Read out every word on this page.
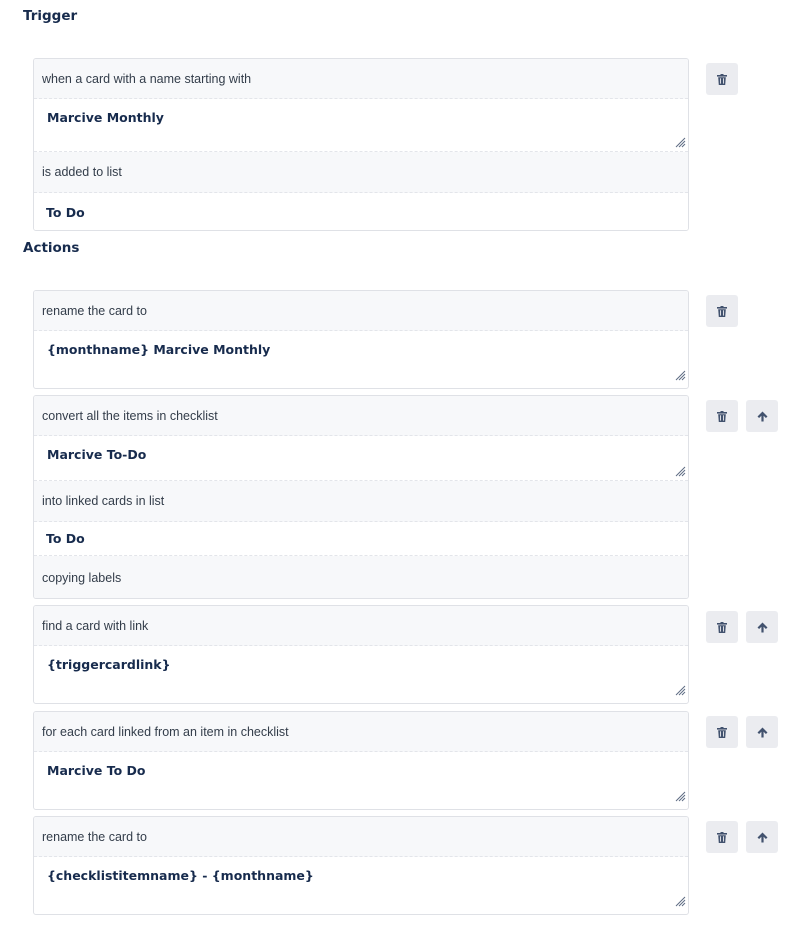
Trigger
when a card with a name starting with
Marcive Monthly
is added to list
To Do
Actions
rename the card to
{monthname} Marcive Monthly
convert all the items in checklist
Marcive To-Do
into linked cards in list
To Do
copying labels
find a card with link
{triggercardlink}
for each card linked from an item in checklist
Marcive To Do
rename the card to
{checklistitemname} - {monthname}
